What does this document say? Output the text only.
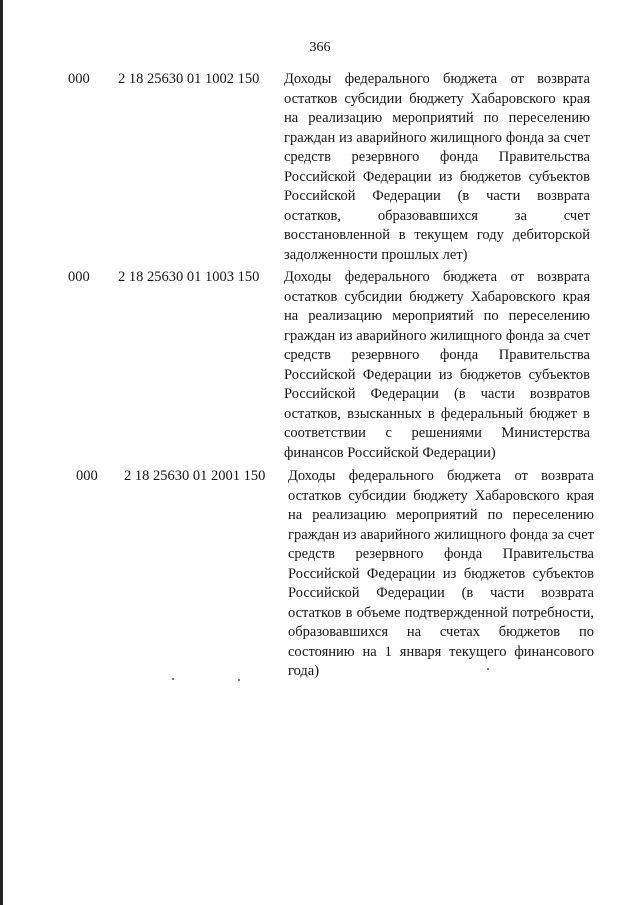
366
000 2 18 25630 01 1002 150 Доходы федерального бюджета от возврата остатков субсидии бюджету Хабаровского края на реализацию мероприятий по переселению граждан из аварийного жилищного фонда за счет средств резервного фонда Правительства Российской Федерации из бюджетов субъектов Российской Федерации (в части возврата остатков, образовавшихся за счет восстановленной в текущем году дебиторской задолженности прошлых лет)
000 2 18 25630 01 1003 150 Доходы федерального бюджета от возврата остатков субсидии бюджету Хабаровского края на реализацию мероприятий по переселению граждан из аварийного жилищного фонда за счет средств резервного фонда Правительства Российской Федерации из бюджетов субъектов Российской Федерации (в части возвратов остатков, взысканных в федеральный бюджет в соответствии с решениями Министерства финансов Российской Федерации)
000 2 18 25630 01 2001 150 Доходы федерального бюджета от возврата остатков субсидии бюджету Хабаровского края на реализацию мероприятий по переселению граждан из аварийного жилищного фонда за счет средств резервного фонда Правительства Российской Федерации из бюджетов субъектов Российской Федерации (в части возврата остатков в объеме подтвержденной потребности, образовавшихся на счетах бюджетов по состоянию на 1 января текущего финансового года)
